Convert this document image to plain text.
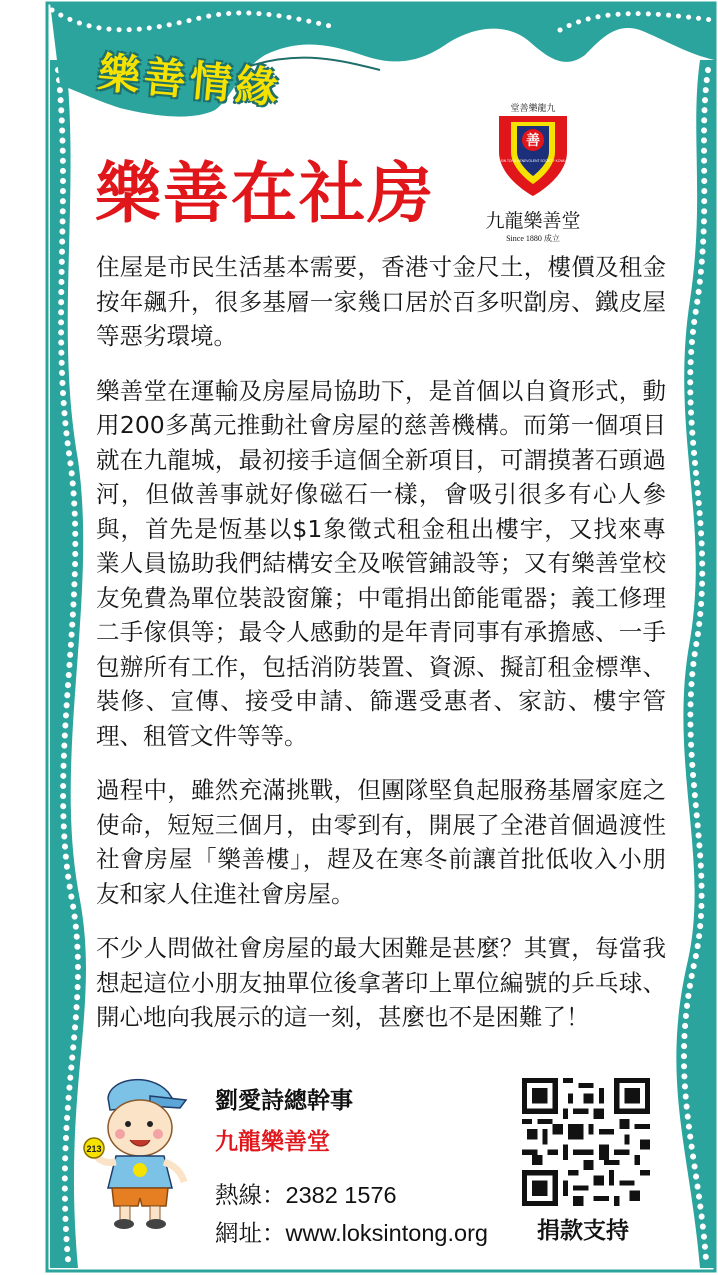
樂善情緣
樂善在社房
堂善樂龍九
善
LOK SIN TONG BENEVOLENT SOCIETY KOWLOON
九龍樂善堂
Since 1880 成立

住屋是市民生活基本需要，香港寸金尺土，樓價及租金按年飆升，很多基層一家幾口居於百多呎劏房、鐵皮屋等惡劣環境。

樂善堂在運輸及房屋局協助下，是首個以自資形式，動用200多萬元推動社會房屋的慈善機構。而第一個項目就在九龍城，最初接手這個全新項目，可謂摸著石頭過河，但做善事就好像磁石一樣，會吸引很多有心人參與，首先是恆基以$1象徵式租金租出樓宇，又找來專業人員協助我們結構安全及喉管鋪設等；又有樂善堂校友免費為單位裝設窗簾；中電捐出節能電器；義工修理二手傢俱等；最令人感動的是年青同事有承擔感、一手包辦所有工作，包括消防裝置、資源、擬訂租金標準、裝修、宣傳、接受申請、篩選受惠者、家訪、樓宇管理、租管文件等等。

過程中，雖然充滿挑戰，但團隊堅負起服務基層家庭之使命，短短三個月，由零到有，開展了全港首個過渡性社會房屋「樂善樓」，趕及在寒冬前讓首批低收入小朋友和家人住進社會房屋。

不少人問做社會房屋的最大困難是甚麼？其實，每當我想起這位小朋友抽單位後拿著印上單位編號的乒乓球、開心地向我展示的這一刻，甚麼也不是困難了！

213
劉愛詩總幹事
九龍樂善堂
熱線：2382 1576
網址：www.loksintong.org 捐款支持
